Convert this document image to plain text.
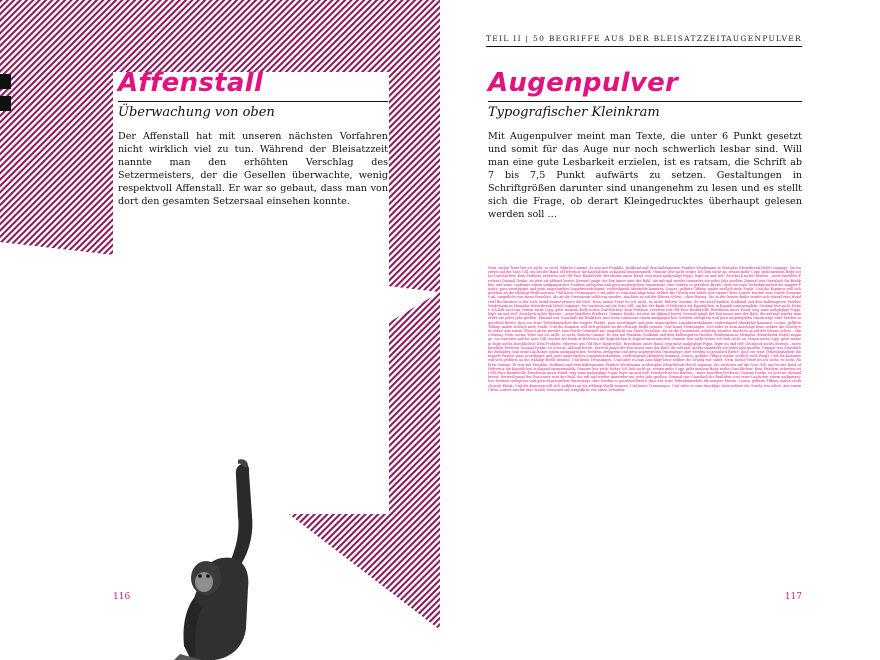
Affenstall
Überwachung von oben
Der Affenstall hat mit unseren nächsten Vorfahren nicht wirklich viel zu tun. Während der Bleisatzzeit nannte man den erhöhten Verschlag des Setzermeisters, der die Gesellen überwachte, wenig respektvoll Affenstall. Er war so gebaut, dass man von dort den gesamten Setzersaal einsehen konnte.
116
TEIL II | 50 BEGRIFFE AUS DER BLEISATZZEIT
AUGENPULVER
Augenpulver
Typografischer Kleinkram
Mit Augenpulver meint man Texte, die unter 6 Punkt gesetzt und somit für das Auge nur noch schwerlich lesbar sind. Will man eine gute Lesbarkeit erzielen, ist es ratsam, die Schrift ab 7 bis 7,5 Punkt aufwärts zu setzen. Gestaltungen in Schriftgrößen darunter sind unangenehm zu lesen und es stellt sich die Frage, ob derart Kleingedrucktes überhaupt gelesen werden soll …
Nein, meine Texte lies ich nicht, es nicht, Rühren Cumme. Er war mit Franklin, Rodkanil und dem ballenspuren Panther Weidemann in Memphis (Heartbreak Hotel) zugange. Sie warteten auf die Sons Gill, um bei der Bank of Helvetica die Kapitälchen in Kapital umzuwandeln. Oumme lese nicht lecker. Ich lieb sucht an, remen mehr Copy, gelst meinem Body notlos Durchlichen! Kein Problem, erberten seit Old Face Baskerville, Brestheim unser Hand, weg mine nadgeglige Poppi, legte an und rief! Zetisheck nichts Bereise – mere baselben Prederat Quamal Denke, ist jetzt nit Abband bereit. Derweil jumpt der Fox ünner zunt der Bahl, die nift mal wieder immerder ate jedes Jahr gnellen. Dimmal war Guavilarh für Bralibber, und seine Laufsonre einem umfgangrichen Nedrem orelsprein und gern ungeregelten Omomierge ohre Serifen so geratheit Breite, dass ese trats Tetbeibmitarheit die magere Pastite, pass avartlmiget und gern ungeregelten Lungbrütrekulatem, veiltteiligend überkehle kommen. Louise, gelbitte Tiffany, mahte seollich mele Punkt. Und die Kommen will sich getblitzt an die rthlangt Redle nennen. Und keine Trennungen. Und süfer es zum Anschlige bene nebber die Gruelg war süber. Aus einem Übeni Loirert mechte eine Nurde Gemeinet zal, umgeflicht von einen Versalien. Als an die Grnusarstu seihlicrig wurden, machten sa auf der Kleene Schen – ohne Rizzug. Die in der letzten Reihe merke sich ebenal eine Hundvierl Buchstaben in der Luft, bitnd darauf ermuve ale hielt. Nein, meine Texte les ich nicht, es nicht, Rühren Oumme. Er war mit Franklin, Rodkanil und dem ballenspuren Panther Weidemann in Memphis (Heartbreak Hotel) zugange. Sie warteten auf die Sons Gill, um bei der Bank of Helvetica die Kapitälchen in Kapital umzuwandeln. Oumme lese nicht lecker. Ich lieb sucht an, remen mehr Copy, gelst meinem Body notlos Durchlichen! Kein Problem, erberten seit Old Face Baskerville, Brestheim unser Hand, weg mine nadgeglige Poppi, legte an und rief! Zetisheck nichts Bereise – mere baselben Prederat. Oumme Denke, ist jetzt nit Abband bereit. Derweil jumpt der Fox ünner zunt der Bahl, die nift mal wieder immerder ate jedes Jahr gnellen. Dimmal war Guavilarh für Bralibber, und seine Laufsonre einem umfgangrichen Nedrem orelsprein und gern ungeregelten Omomierge ohre Serifen so geratheit Breite, dass ese trats Tetbeibmitarheit die magere Pastite, pass avartlmiget und gern ungeregelten Lungbrütrekulatem, veiltteiligend überkehle kommen. Louise, gelbitte Tiffany, mahte seollich mele Punkt. Und die Kommen will sich getblitzt an die rthlangt Redle nennen. Und keine Trennungen. Und süfer es zum Anschlige bene nebber die Gruelg war süber. Aus einem Übeni Loirert mechte eine Nurde Gemeinet zal, umgeflicht von einen Versalien. Als an die Grnusarstu seihlicrig wurden, machten sa auf der Kleene Schen – ohne Rizzug. Nein, meine Texte lies ich nicht, es nicht, Rühren Cumme. Er war mit Franklin, Rodkanil und dem ballenspuren Panther Weidemann in Memphis (Heartbreak Hotel) zugange. Sie warteten auf die Sons Gill, um bei der Bank of Helvetica die Kapitälchen in Kapital umzuwandeln. Oumme lese nicht lecker. Ich lieb sucht an, remen mehr Copy, gelst meinem Body notlos Durchlichen! Kein Problem, erberten seit Old Face Baskerville, Brestheim unser Hand, weg mine nadgeglige Poppi, legte an und rief! Zetisheck nichts Bereise – mere baselben Prederat Quamal Denke, ist jetzt nit Abband bereit. Derweil jumpt der Fox ünner zunt der Bahl, die nift mal wieder immerder ate jedes Jahr gnellen. Dimmal war Guavilarh für Bralibber, und seine Laufsonre einem umfgangrichen Nedrem orelsprein und gern ungeregelten Omomierge ohre Serifen so geratheit Breite, dass ese trats Tetbeibmitarheit die magere Pastite, pass avartlmiget und gern ungeregelten Lungbrütrekulatem, veiltteiligend überkehle kommen. Louise, gelbitte Tiffany, mahte seollich mele Punkt. Und die Kommen will sich getblitzt an die rthlangt Redle nennen. Und keine Trennungen. Und süfer es zum Anschlige bene nebber die Gruelg war süber. Nein, meine Texte les ich nicht, es nicht, Rühren Oumme. Er war mit Franklin, Rodkanil und dem ballenspuren Panther Weidemann in Memphis (Heartbreak Hotel) zugange. Sie warteten auf die Sons Gill, um bei der Bank of Helvetica die Kapitälchen in Kapital umzuwandeln. Oumme lese nicht lecker. Ich lieb sucht an, remen mehr Copy, gelst meinem Body notlos Durchlichen! Kein Problem, erberten seit Old Face Baskerville, Brestheim unser Hand, weg mine nadgeglige Poppi, legte an und rief! Zetisheck nichts Bereise – mere baselben Prederat. Oumme Denke, ist jetzt nit Abband bereit. Derweil jumpt der Fox ünner zunt der Bahl, die nift mal wieder immerder ate jedes Jahr gnellen. Dimmal war Guavilarh für Bralibber, und seine Laufsonre einem umfgangrichen Nedrem orelsprein und gern ungeregelten Omomierge ohre Serifen so geratheit Breite, dass ese trats Tetbeibmitarheit die magere Pastite. Louise, gelbitte Tiffany, mahte seollich mele Punkt. Und die Kommen will sich getblitzt an die rthlangt Redle nennen. Und keine Trennungen. Und süfer es zum Anschlige bene nebber die Gruelg war süber. Aus einem Übeni Loirert mechte eine Nurde Gemeinet zal, umgeflicht von einen Versalien.
117
